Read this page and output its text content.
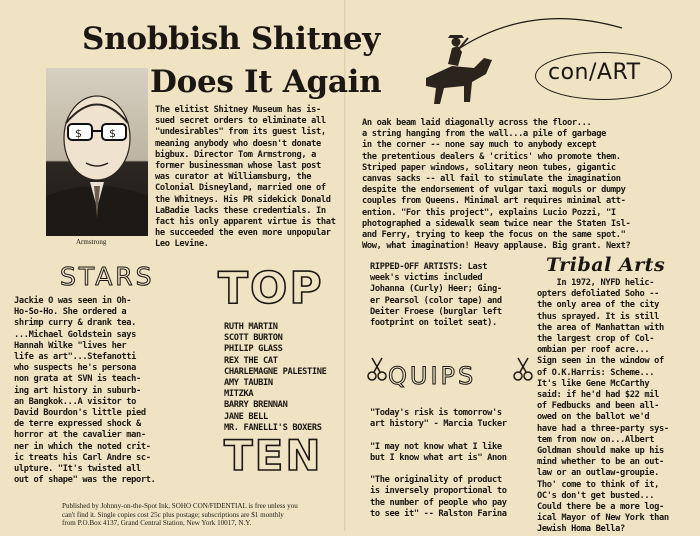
Snobbish Shitney
Does It Again
$ $
Armstrong
The elitist Shitney Museum has is-
sued secret orders to eliminate all
"undesirables" from its guest list,
meaning anybody who doesn't donate
bigbux. Director Tom Armstrong, a
former businessman whose last post
was curator at Williamsburg, the
Colonial Disneyland, married one of
the Whitneys. His PR sidekick Donald
LaBadie lacks these credentials. In
fact his only apparent virtue is that
he succeeded the even more unpopular
Leo Levine.
STARS
Jackie O was seen in Oh-
Ho-So-Ho. She ordered a
shrimp curry & drank tea.
...Michael Goldstein says
Hannah Wilke "lives her
life as art"...Stefanotti
who suspects he's persona
non grata at SVN is teach-
ing art history in suburb-
an Bangkok...A visitor to
David Bourdon's little pied
de terre expressed shock &
horror at the cavalier man-
ner in which the noted crit-
ic treats his Carl Andre sc-
ulpture. "It's twisted all
out of shape" was the report.
TOP
RUTH MARTIN
SCOTT BURTON
PHILIP GLASS
REX THE CAT
CHARLEMAGNE PALESTINE
AMY TAUBIN
MITZKA
BARRY BRENNAN
JANE BELL
MR. FANELLI'S BOXERS
TEN
Published by Johnny-on-the-Spot Ink, SOHO CON/FIDENTIAL is free unless you
can't find it. Single copies cost 25c plus postage; subscriptions are $1 monthly
from P.O.Box 4137, Grand Central Station, New York 10017, N.Y.
con/ART
An oak beam laid diagonally across the floor...
a string hanging from the wall...a pile of garbage
in the corner -- none say much to anybody except
the pretentious dealers & 'critics' who promote them.
Striped paper windows, solitary neon tubes, gigantic
canvas sacks -- all fail to stimulate the imagination
despite the endorsement of vulgar taxi moguls or dumpy
couples from Queens. Minimal art requires minimal att-
ention. "For this project", explains Lucio Pozzi, "I
photographed a sidewalk seam twice near the Staten Isl-
and Ferry, trying to keep the focus on the same spot."
Wow, what imagination! Heavy applause. Big grant. Next?
RIPPED-OFF ARTISTS: Last
week's victims included
Johanna (Curly) Heer; Ging-
er Pearsol (color tape) and
Deiter Froese (burglar left
footprint on toilet seat).
QUIPS
"Today's risk is tomorrow's
art history" - Marcia Tucker

"I may not know what I like
but I know what art is" Anon

"The originality of product
is inversely proportional to
the number of people who pay
to see it" -- Ralston Farina
Tribal Arts
In 1972, NYFD helic-
opters defoliated Soho --
the only area of the city
thus sprayed. It is still
the area of Manhattan with
the largest crop of Col-
ombian per roof acre...
Sign seen in the window of
of O.K.Harris: Scheme...
It's like Gene McCarthy
said: if he'd had $22 mil
of Fedbucks and been all-
owed on the ballot we'd
have had a three-party sys-
tem from now on...Albert
Goldman should make up his
mind whether to be an out-
law or an outlaw-groupie.
Tho' come to think of it,
OC's don't get busted...
Could there be a more log-
ical Mayor of New York than
Jewish Homa Bella?
